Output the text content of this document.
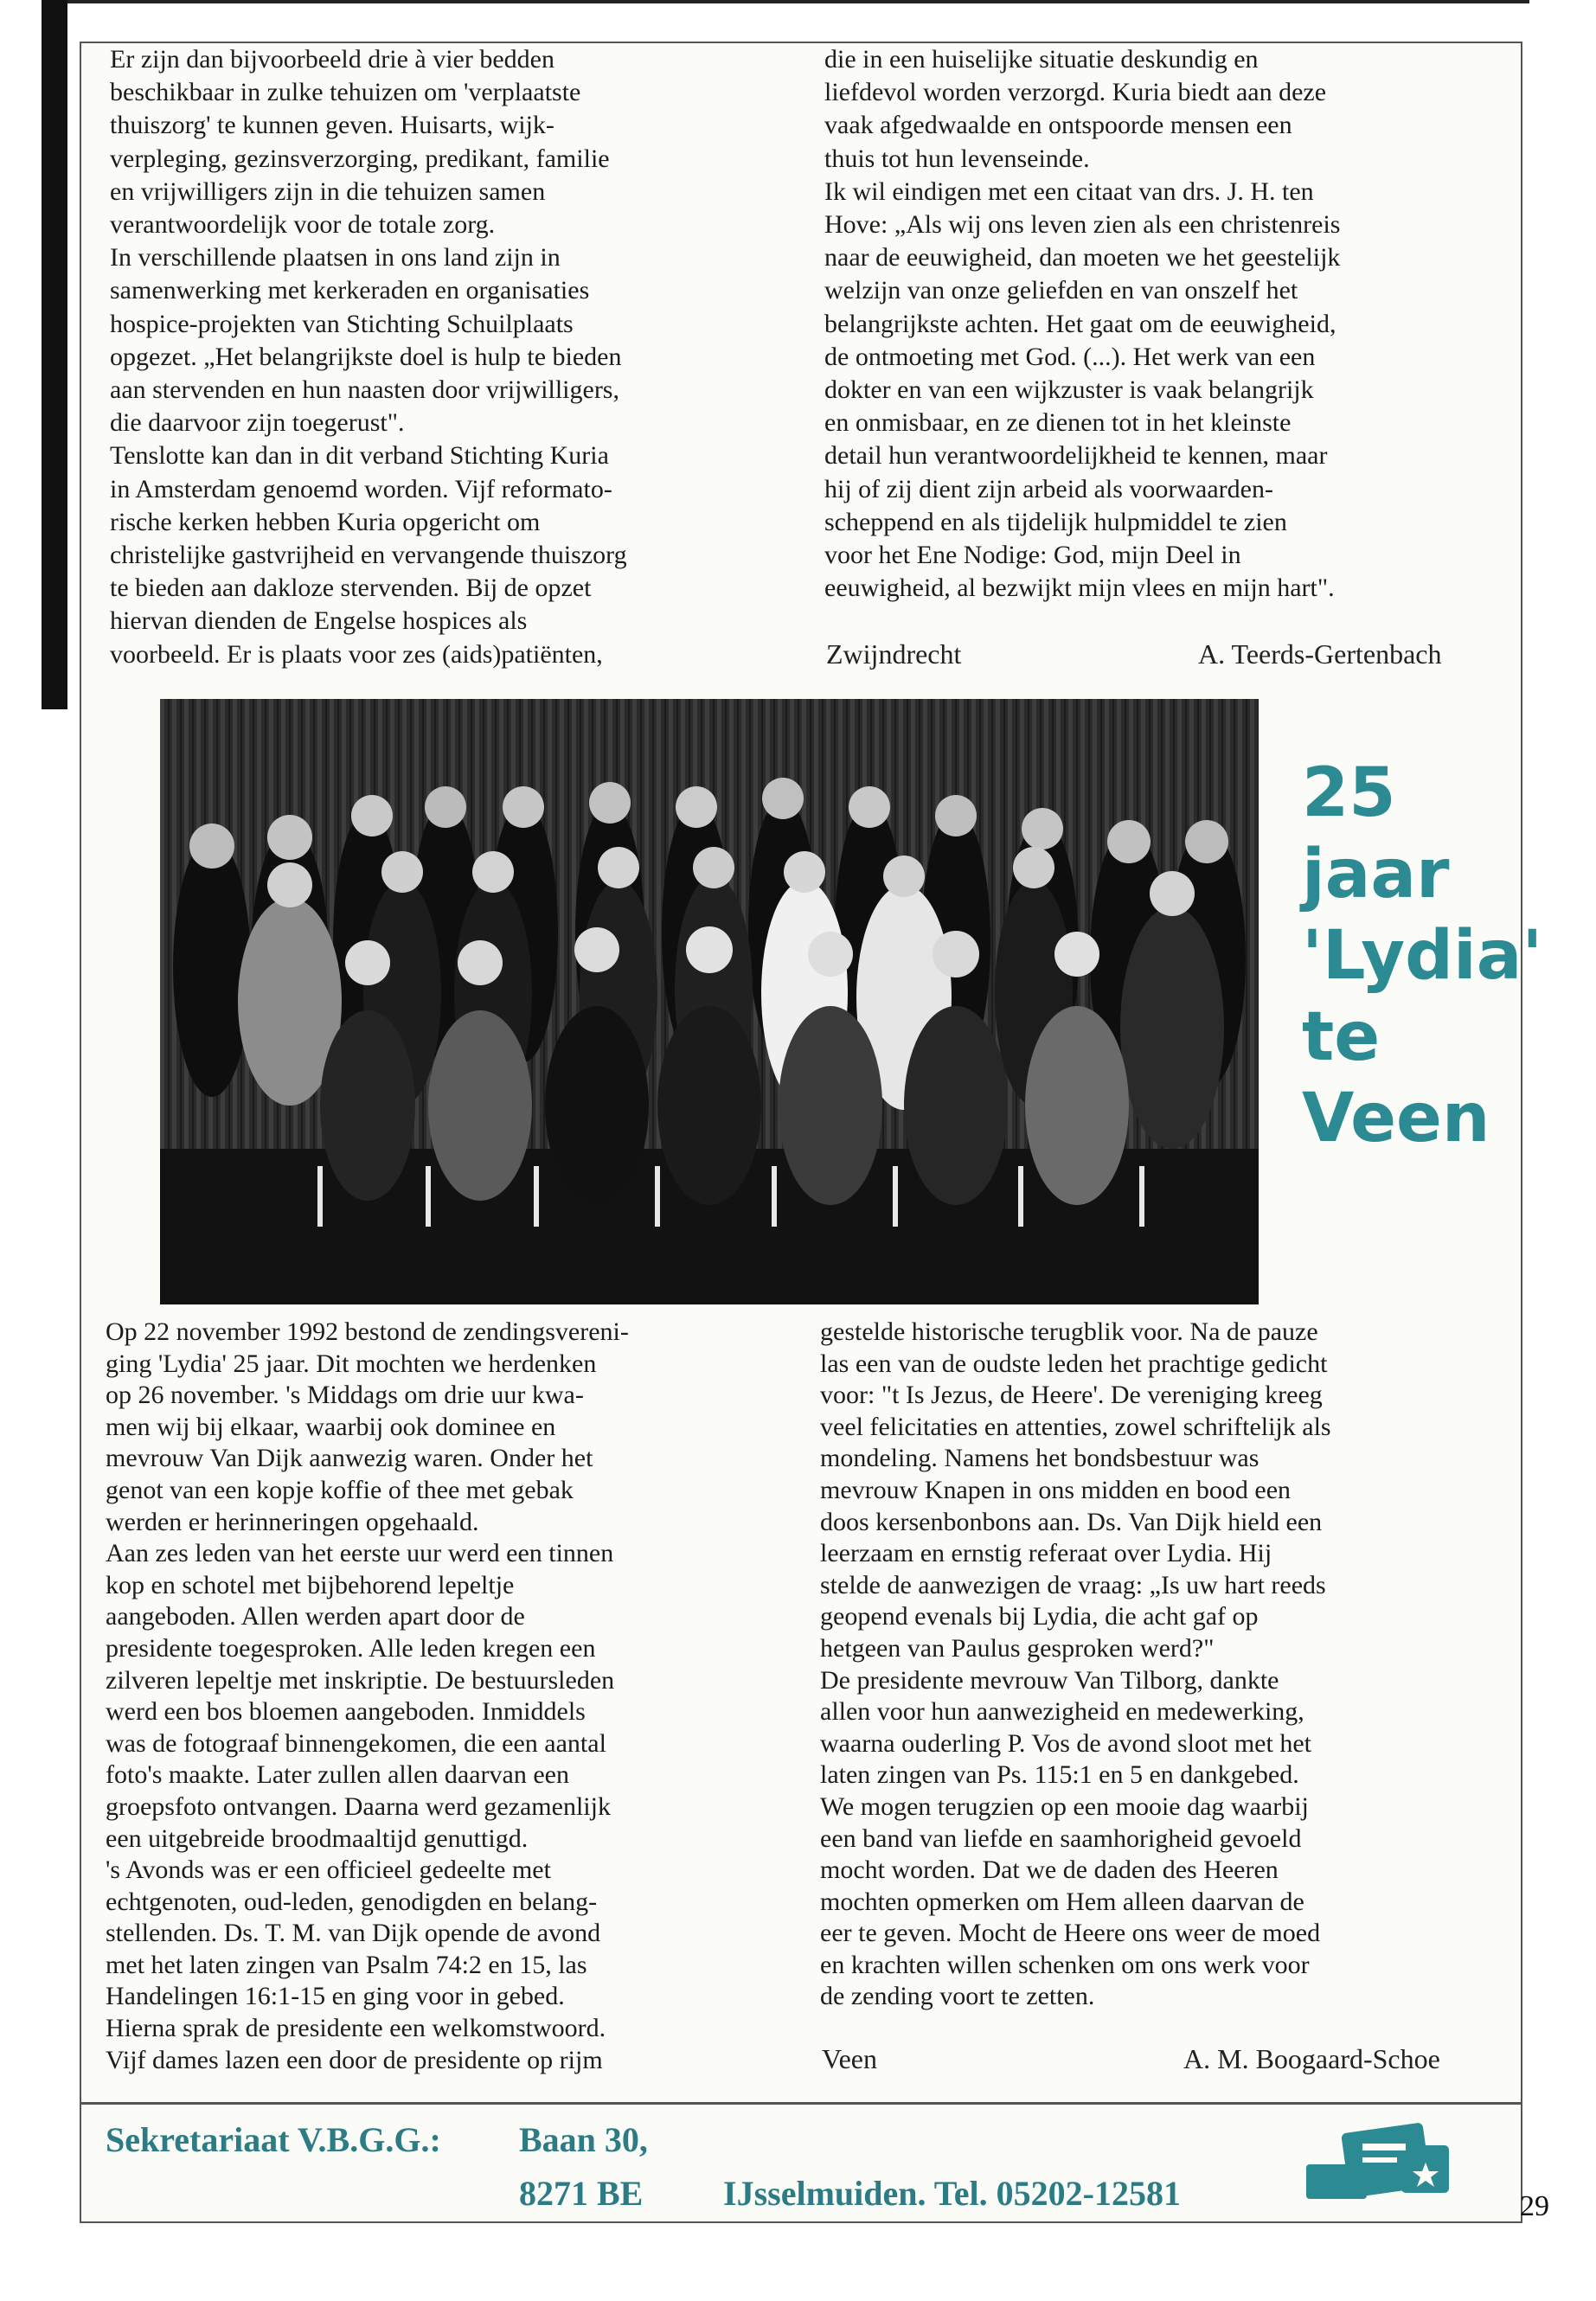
Er zijn dan bijvoorbeeld drie à vier bedden
beschikbaar in zulke tehuizen om 'verplaatste
thuiszorg' te kunnen geven. Huisarts, wijk-
verpleging, gezinsverzorging, predikant, familie
en vrijwilligers zijn in die tehuizen samen
verantwoordelijk voor de totale zorg.
In verschillende plaatsen in ons land zijn in
samenwerking met kerkeraden en organisaties
hospice-projekten van Stichting Schuilplaats
opgezet. „Het belangrijkste doel is hulp te bieden
aan stervenden en hun naasten door vrijwilligers,
die daarvoor zijn toegerust".
Tenslotte kan dan in dit verband Stichting Kuria
in Amsterdam genoemd worden. Vijf reformato-
rische kerken hebben Kuria opgericht om
christelijke gastvrijheid en vervangende thuiszorg
te bieden aan dakloze stervenden. Bij de opzet
hiervan dienden de Engelse hospices als
voorbeeld. Er is plaats voor zes (aids)patiënten,
die in een huiselijke situatie deskundig en
liefdevol worden verzorgd. Kuria biedt aan deze
vaak afgedwaalde en ontspoorde mensen een
thuis tot hun levenseinde.
Ik wil eindigen met een citaat van drs. J. H. ten
Hove: „Als wij ons leven zien als een christenreis
naar de eeuwigheid, dan moeten we het geestelijk
welzijn van onze geliefden en van onszelf het
belangrijkste achten. Het gaat om de eeuwigheid,
de ontmoeting met God. (...). Het werk van een
dokter en van een wijkzuster is vaak belangrijk
en onmisbaar, en ze dienen tot in het kleinste
detail hun verantwoordelijkheid te kennen, maar
hij of zij dient zijn arbeid als voorwaarden-
scheppend en als tijdelijk hulpmiddel te zien
voor het Ene Nodige: God, mijn Deel in
eeuwigheid, al bezwijkt mijn vlees en mijn hart".
Zwijndrecht	A. Teerds-Gertenbach
25
jaar
'Lydia'
te
Veen
Op 22 november 1992 bestond de zendingsvereni-
ging 'Lydia' 25 jaar. Dit mochten we herdenken
op 26 november. 's Middags om drie uur kwa-
men wij bij elkaar, waarbij ook dominee en
mevrouw Van Dijk aanwezig waren. Onder het
genot van een kopje koffie of thee met gebak
werden er herinneringen opgehaald.
Aan zes leden van het eerste uur werd een tinnen
kop en schotel met bijbehorend lepeltje
aangeboden. Allen werden apart door de
presidente toegesproken. Alle leden kregen een
zilveren lepeltje met inskriptie. De bestuursleden
werd een bos bloemen aangeboden. Inmiddels
was de fotograaf binnengekomen, die een aantal
foto's maakte. Later zullen allen daarvan een
groepsfoto ontvangen. Daarna werd gezamenlijk
een uitgebreide broodmaaltijd genuttigd.
's Avonds was er een officieel gedeelte met
echtgenoten, oud-leden, genodigden en belang-
stellenden. Ds. T. M. van Dijk opende de avond
met het laten zingen van Psalm 74:2 en 15, las
Handelingen 16:1-15 en ging voor in gebed.
Hierna sprak de presidente een welkomstwoord.
Vijf dames lazen een door de presidente op rijm
gestelde historische terugblik voor. Na de pauze
las een van de oudste leden het prachtige gedicht
voor: "t Is Jezus, de Heere'. De vereniging kreeg
veel felicitaties en attenties, zowel schriftelijk als
mondeling. Namens het bondsbestuur was
mevrouw Knapen in ons midden en bood een
doos kersenbonbons aan. Ds. Van Dijk hield een
leerzaam en ernstig referaat over Lydia. Hij
stelde de aanwezigen de vraag: „Is uw hart reeds
geopend evenals bij Lydia, die acht gaf op
hetgeen van Paulus gesproken werd?"
De presidente mevrouw Van Tilborg, dankte
allen voor hun aanwezigheid en medewerking,
waarna ouderling P. Vos de avond sloot met het
laten zingen van Ps. 115:1 en 5 en dankgebed.
We mogen terugzien op een mooie dag waarbij
een band van liefde en saamhorigheid gevoeld
mocht worden. Dat we de daden des Heeren
mochten opmerken om Hem alleen daarvan de
eer te geven. Mocht de Heere ons weer de moed
en krachten willen schenken om ons werk voor
de zending voort te zetten.
Veen	A. M. Boogaard-Schoe
Sekretariaat V.B.G.G.: Baan 30,
8271 BE IJsselmuiden. Tel. 05202-12581	29
